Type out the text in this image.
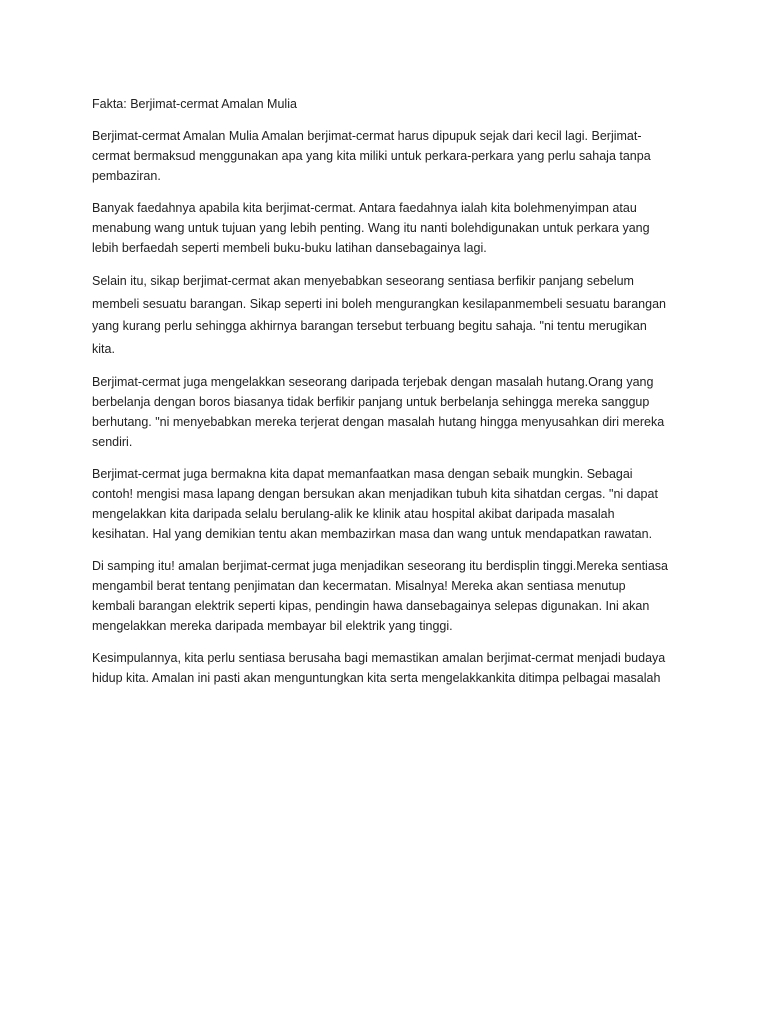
Fakta: Berjimat-cermat Amalan Mulia
Berjimat-cermat Amalan Mulia Amalan berjimat-cermat harus dipupuk sejak dari kecil lagi. Berjimat-
cermat bermaksud menggunakan apa yang kita miliki untuk perkara-perkara yang perlu sahaja tanpa
pembaziran.
Banyak faedahnya apabila kita berjimat-cermat. Antara faedahnya ialah kita bolehmenyimpan atau
menabung wang untuk tujuan yang lebih penting. Wang itu nanti bolehdigunakan untuk perkara yang
lebih berfaedah seperti membeli buku-buku latihan dansebagainya lagi.
Selain itu, sikap berjimat-cermat akan menyebabkan seseorang sentiasa berfikir panjang sebelum
membeli sesuatu barangan. Sikap seperti ini boleh mengurangkan kesilapanmembeli sesuatu barangan
yang kurang perlu sehingga akhirnya barangan tersebut terbuang begitu sahaja. "ni tentu merugikan
kita.
Berjimat-cermat juga mengelakkan seseorang daripada terjebak dengan masalah hutang.Orang yang
berbelanja dengan boros biasanya tidak berfikir panjang untuk berbelanja sehingga mereka sanggup
berhutang. "ni menyebabkan mereka terjerat dengan masalah hutang hingga menyusahkan diri mereka
sendiri.
Berjimat-cermat juga bermakna kita dapat memanfaatkan masa dengan sebaik mungkin. Sebagai
contoh! mengisi masa lapang dengan bersukan akan menjadikan tubuh kita sihatdan cergas. "ni dapat
mengelakkan kita daripada selalu berulang-alik ke klinik atau hospital akibat daripada masalah
kesihatan. Hal yang demikian tentu akan membazirkan masa dan wang untuk mendapatkan rawatan.
Di samping itu! amalan berjimat-cermat juga menjadikan seseorang itu berdisplin tinggi.Mereka sentiasa
mengambil berat tentang penjimatan dan kecermatan. Misalnya! Mereka akan sentiasa menutup
kembali barangan elektrik seperti kipas, pendingin hawa dansebagainya selepas digunakan. Ini akan
mengelakkan mereka daripada membayar bil elektrik yang tinggi.
Kesimpulannya, kita perlu sentiasa berusaha bagi memastikan amalan berjimat-cermat menjadi budaya
hidup kita. Amalan ini pasti akan menguntungkan kita serta mengelakkankita ditimpa pelbagai masalah
